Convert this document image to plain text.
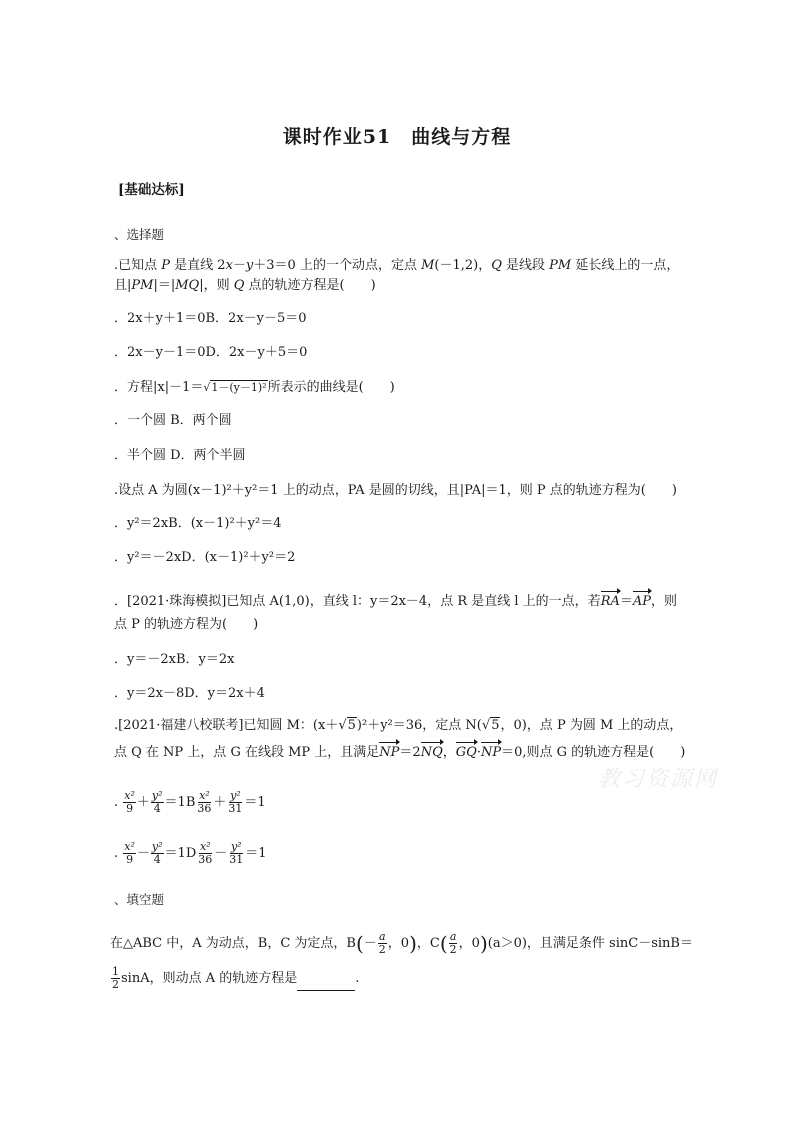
课时作业51　曲线与方程
[基础达标]
、选择题
.已知点 P 是直线 2x－y＋3＝0 上的一个动点，定点 M(－1,2)，Q 是线段 PM 延长线上的一点，
且|PM|＝|MQ|，则 Q 点的轨迹方程是(　　)
．2x＋y＋1＝0B．2x－y－5＝0
．2x－y－1＝0D．2x－y＋5＝0
．方程|x|－1＝√1－(y－1)²所表示的曲线是(　　)
．一个圆 B．两个圆
．半个圆 D．两个半圆
.设点 A 为圆(x－1)²＋y²＝1 上的动点，PA 是圆的切线，且|PA|＝1，则 P 点的轨迹方程为(　　)
．y²＝2xB．(x－1)²＋y²＝4
．y²＝－2xD．(x－1)²＋y²＝2
．[2021·珠海模拟]已知点 A(1,0)，直线 l：y＝2x－4，点 R 是直线 l 上的一点，若RA＝AP，则
点 P 的轨迹方程为(　　)
．y＝－2xB．y＝2x
．y＝2x－8D．y＝2x＋4
.[2021·福建八校联考]已知圆 M：(x＋√5)²＋y²＝36，定点 N(√5，0)，点 P 为圆 M 上的动点，
点 Q 在 NP 上，点 G 在线段 MP 上，且满足NP＝2NQ，GQ·NP＝0,则点 G 的轨迹方程是(　　)
. $\frac{\text{x²}}{9} + \frac{\text{y²}}{4} =1B \frac{\text{x²}}{36} + \frac{\text{y²}}{31} =1$
. $\frac{\text{x²}}{9} - \frac{\text{y²}}{4} =1D \frac{\text{x²}}{36} - \frac{\text{y²}}{31} =1$
、填空题
在△ABC 中，A 为动点，B，C 为定点，$B(- \frac{a}{2}$ ，0)，$C( \frac{a}{2}$ ，0)(a＞0)，且满足条件 sinC－sinB＝
$\frac{1}{2}$ sinA，则动点 A 的轨迹方程是	.
教习资源网
